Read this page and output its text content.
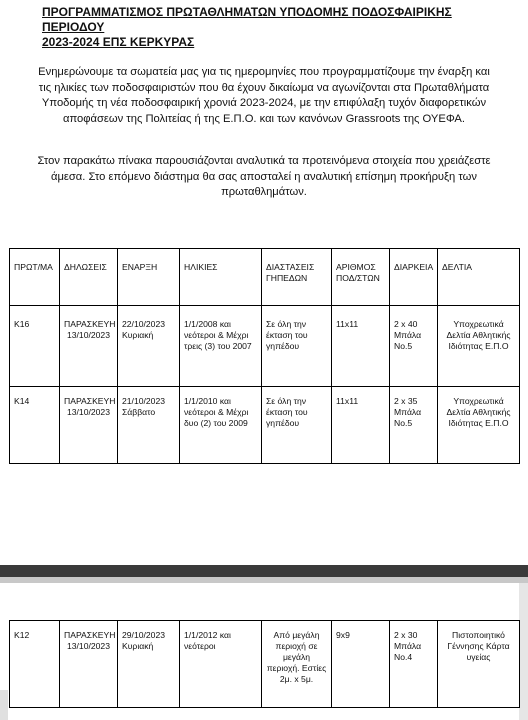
ΠΡΟΓΡΑΜΜΑΤΙΣΜΟΣ ΠΡΩΤΑΘΛΗΜΑΤΩΝ ΥΠΟΔΟΜΗΣ ΠΟΔΟΣΦΑΙΡΙΚΗΣ ΠΕΡΙΟΔΟΥ
2023-2024 ΕΠΣ ΚΕΡΚΥΡΑΣ
Ενημερώνουμε τα σωματεία μας για τις ημερομηνίες που προγραμματίζουμε την έναρξη και τις ηλικίες των ποδοσφαιριστών που θα έχουν δικαίωμα να αγωνίζονται στα Πρωταθλήματα Υποδομής τη νέα ποδοσφαιρική χρονιά 2023-2024, με την επιφύλαξη τυχόν διαφορετικών αποφάσεων της Πολιτείας ή της Ε.Π.Ο. και των κανόνων Grassroots της ΟΥΕΦΑ.
Στον παρακάτω πίνακα παρουσιάζονται αναλυτικά τα προτεινόμενα στοιχεία που χρειάζεστε άμεσα. Στο επόμενο διάστημα θα σας αποσταλεί η αναλυτική επίσημη προκήρυξη των πρωταθλημάτων.
ΠΡΩΤ/ΜΑ	ΔΗΛΩΣΕΙΣ	ΕΝΑΡΞΗ	ΗΛΙΚΙΕΣ	ΔΙΑΣΤΑΣΕΙΣ ΓΗΠΕΔΩΝ	ΑΡΙΘΜΟΣ ΠΟΔ/ΣΤΩΝ	ΔΙΑΡΚΕΙΑ	ΔΕΛΤΙΑ
Κ16	ΠΑΡΑΣΚΕΥΗ 13/10/2023	22/10/2023 Κυριακή	1/1/2008 και νεότεροι & Μέχρι τρεις (3) του 2007	Σε όλη την έκταση του γηπέδου	11x11	2 x 40 Μπάλα No.5	Υποχρεωτικά Δελτία Αθλητικής Ιδιότητας Ε.Π.Ο
Κ14	ΠΑΡΑΣΚΕΥΗ 13/10/2023	21/10/2023 Σάββατο	1/1/2010 και νεότεροι & Μέχρι δυο (2) του 2009	Σε όλη την έκταση του γηπέδου	11x11	2 x 35 Μπάλα No.5	Υποχρεωτικά Δελτία Αθλητικής Ιδιότητας Ε.Π.Ο
Κ12	ΠΑΡΑΣΚΕΥΗ 13/10/2023	29/10/2023 Κυριακή	1/1/2012 και νεότεροι	Από μεγάλη περιοχή σε μεγάλη περιοχή. Εστίες 2μ. x 5μ.	9x9	2 x 30 Μπάλα No.4	Πιστοποιητικό Γέννησης Κάρτα υγείας
